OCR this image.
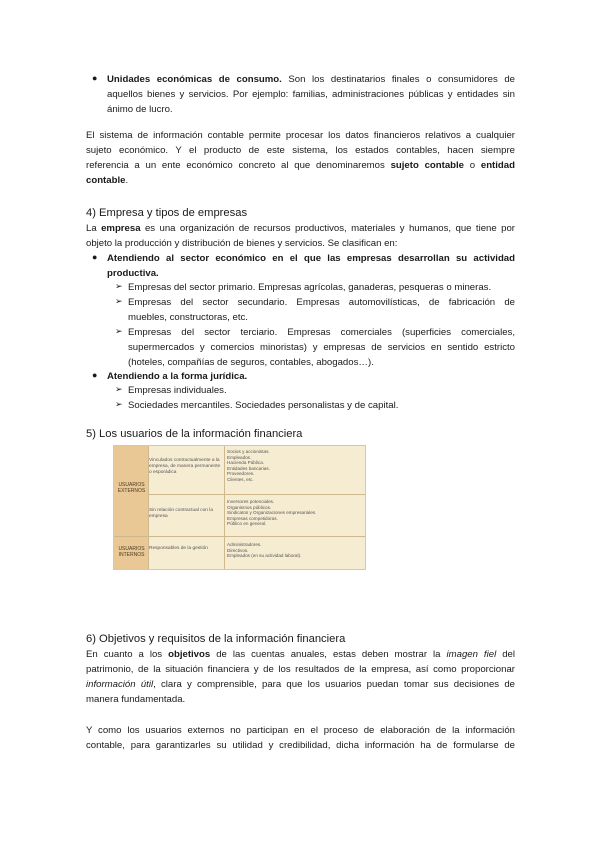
● Unidades económicas de consumo. Son los destinatarios finales o consumidores de
aquellos bienes y servicios. Por ejemplo: familias, administraciones públicas y entidades sin
ánimo de lucro.
El sistema de información contable permite procesar los datos financieros relativos a cualquier
sujeto económico. Y el producto de este sistema, los estados contables, hacen siempre
referencia a un ente económico concreto al que denominaremos sujeto contable o entidad
contable.
4) Empresa y tipos de empresas
La empresa es una organización de recursos productivos, materiales y humanos, que tiene por
objeto la producción y distribución de bienes y servicios. Se clasifican en:
● Atendiendo al sector económico en el que las empresas desarrollan su actividad
productiva.
➢ Empresas del sector primario. Empresas agrícolas, ganaderas, pesqueras o mineras.
➢ Empresas del sector secundario. Empresas automovilísticas, de fabricación de
muebles, constructoras, etc.
➢ Empresas del sector terciario. Empresas comerciales (superficies comerciales,
supermercados y comercios minoristas) y empresas de servicios en sentido estricto
(hoteles, compañías de seguros, contables, abogados…).
● Atendiendo a la forma jurídica.
➢ Empresas individuales.
➢ Sociedades mercantiles. Sociedades personalistas y de capital.
5) Los usuarios de la información financiera
USUARIOS EXTERNOS
USUARIOS INTERNOS
Vinculados contractualmente a la empresa, de manera permanente o esporádica
Sin relación contractual con la empresa
Responsables de la gestión
Socios y accionistas.
Empleados.
Hacienda Pública.
Entidades bancarias.
Proveedores.
Clientes, etc.
Inversores potenciales.
Organismos públicos.
Sindicatos y Organizaciones empresariales.
Empresas competidoras.
Público en general.
Administradores.
Directivos.
Empleados (en su actividad laboral).
6) Objetivos y requisitos de la información financiera
En cuanto a los objetivos de las cuentas anuales, estas deben mostrar la imagen fiel del
patrimonio, de la situación financiera y de los resultados de la empresa, así como proporcionar
información útil, clara y comprensible, para que los usuarios puedan tomar sus decisiones de
manera fundamentada.
Y como los usuarios externos no participan en el proceso de elaboración de la información
contable, para garantizarles su utilidad y credibilidad, dicha información ha de formularse de
